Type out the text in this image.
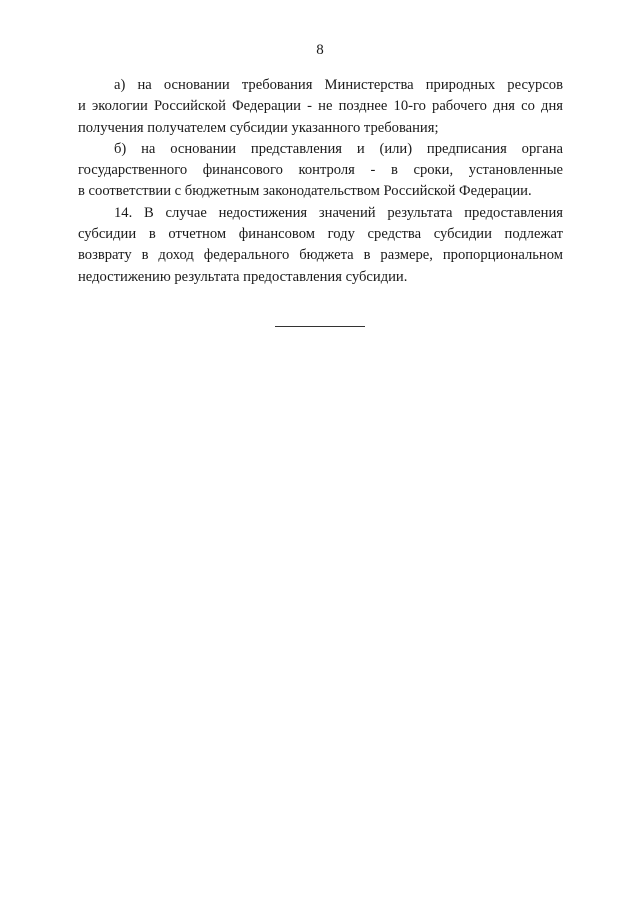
8
а) на основании требования Министерства природных ресурсов
и экологии Российской Федерации - не позднее 10-го рабочего дня со дня
получения получателем субсидии указанного требования;
б) на основании представления и (или) предписания органа
государственного финансового контроля - в сроки, установленные
в соответствии с бюджетным законодательством Российской Федерации.
14. В случае недостижения значений результата предоставления
субсидии в отчетном финансовом году средства субсидии подлежат
возврату в доход федерального бюджета в размере, пропорциональном
недостижению результата предоставления субсидии.
